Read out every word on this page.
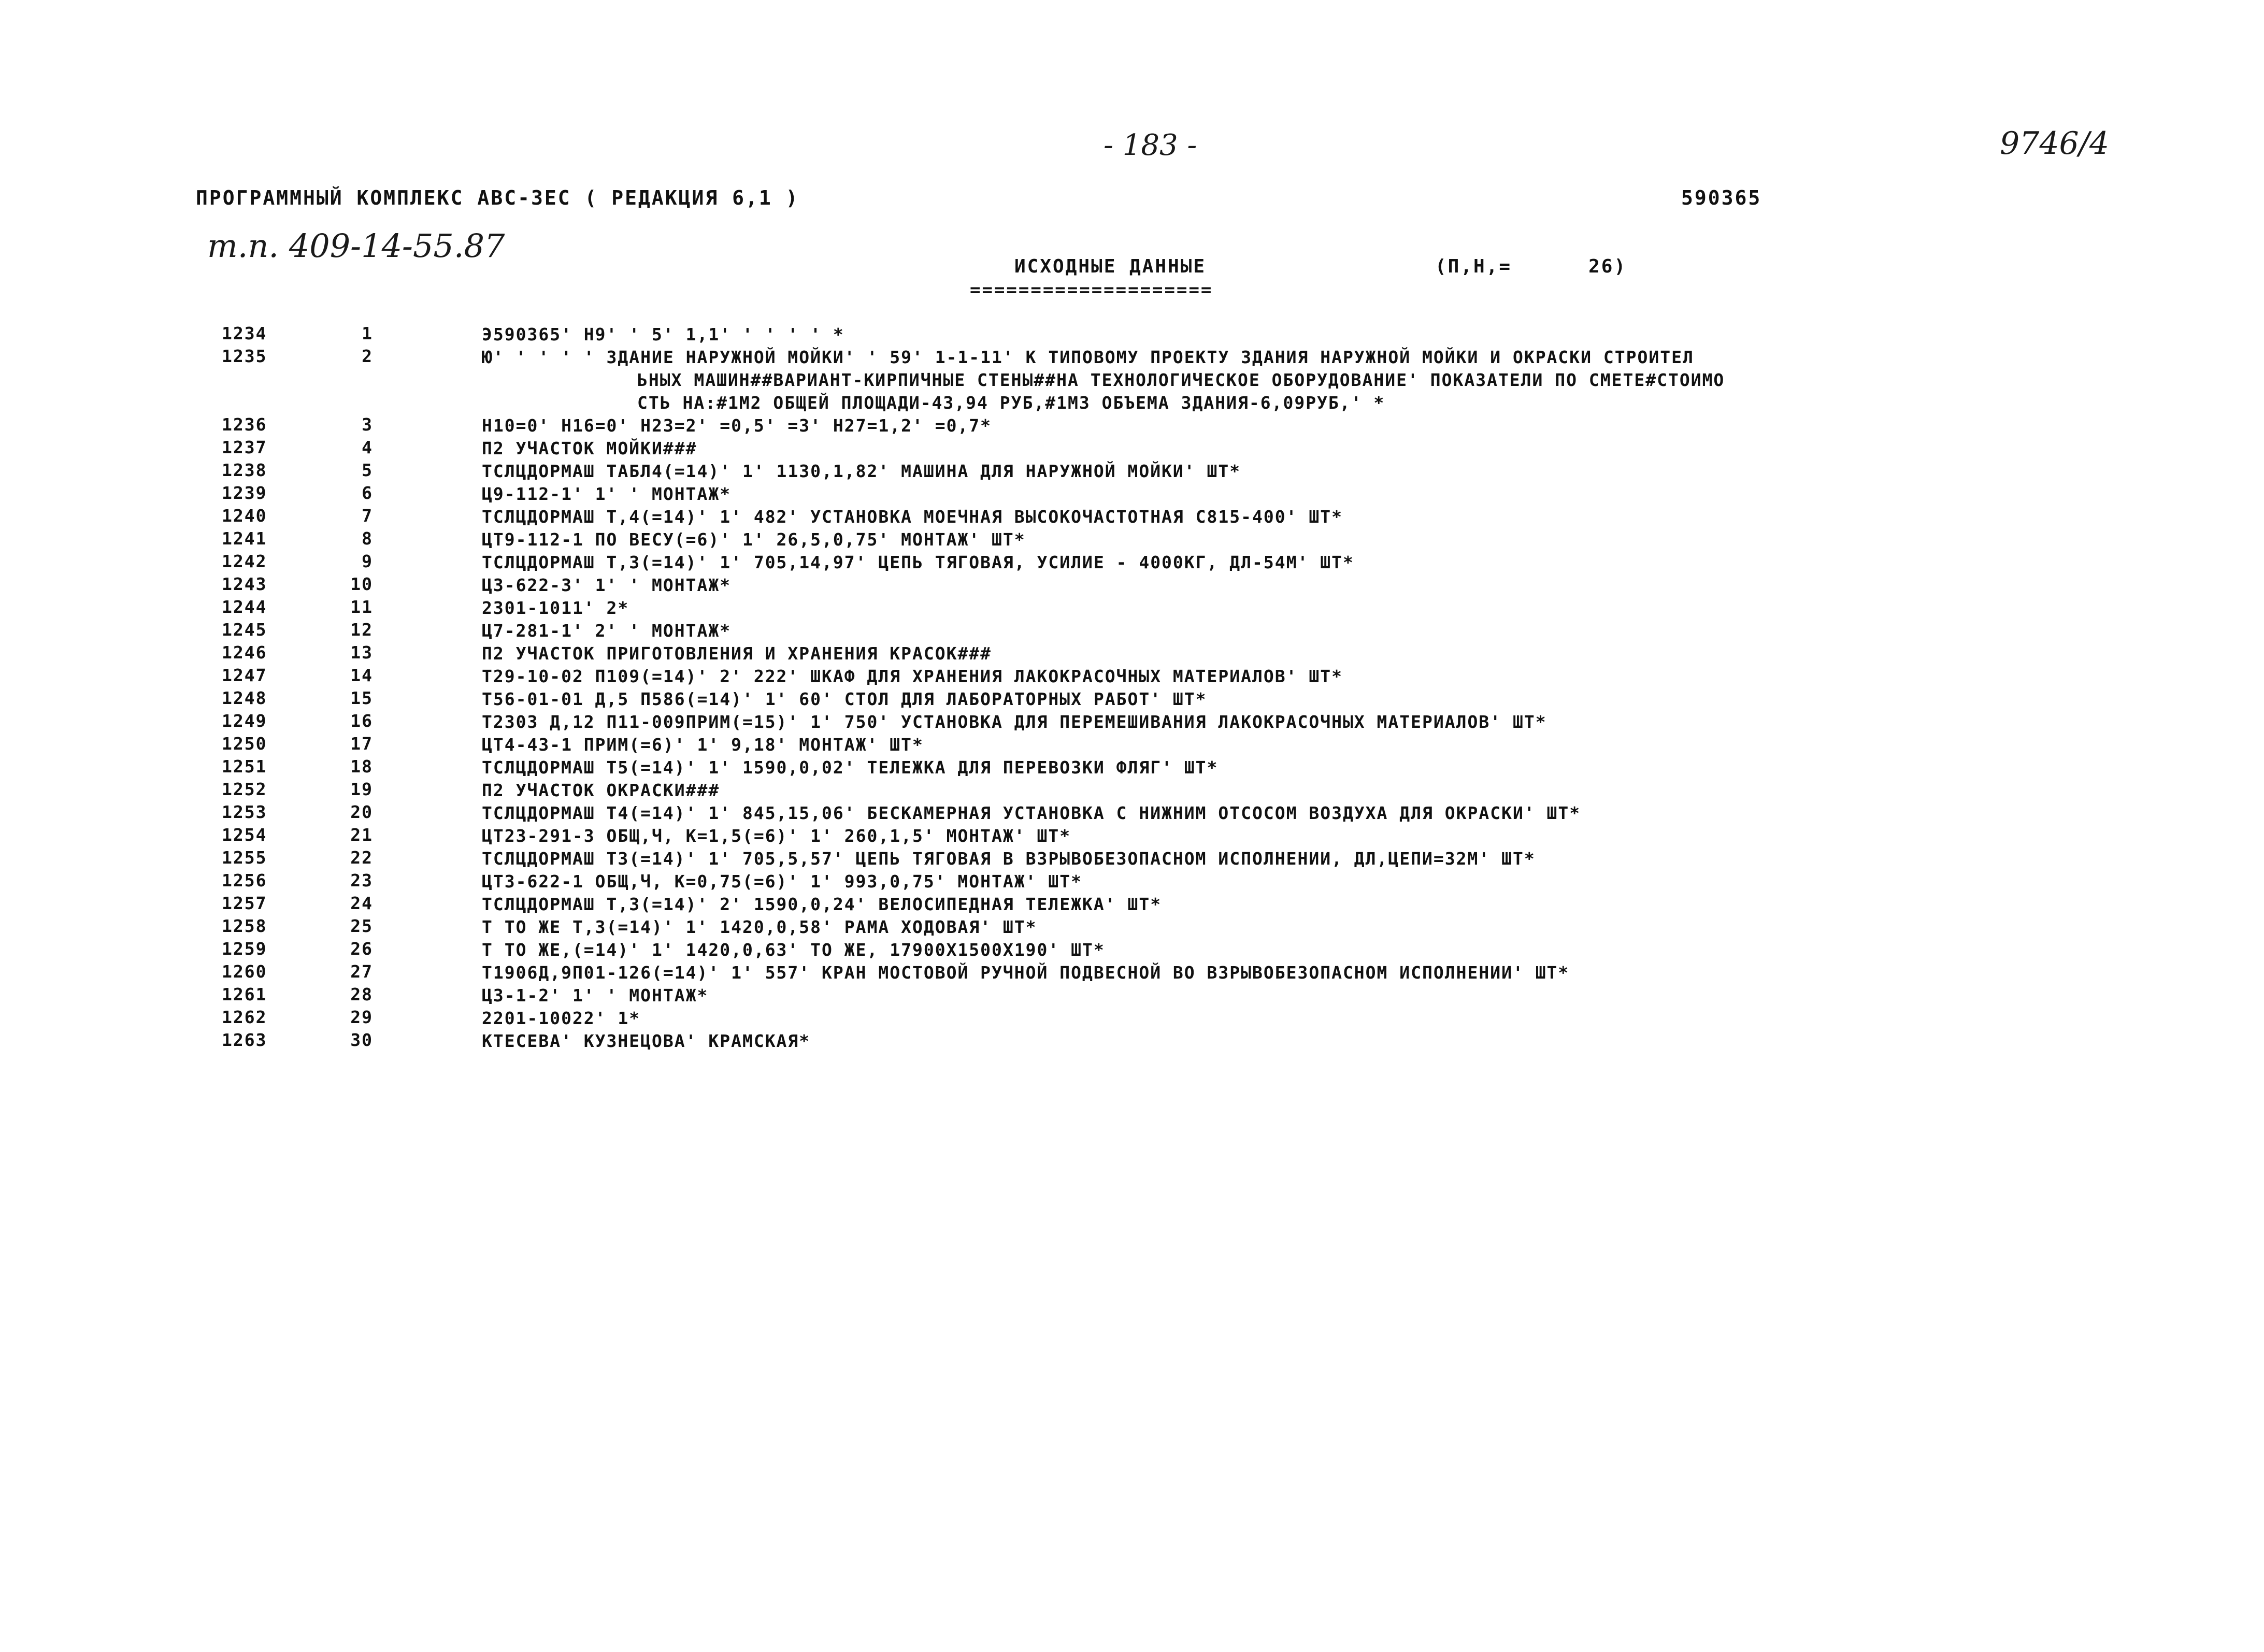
- 183 -	9746/4
т.п. 409-14-55.87
ПРОГРАММНЫЙ КОМПЛЕКС АВС-3ЕС ( РЕДАКЦИЯ 6,1 )	590365
ИСХОДНЫЕ ДАННЫЕ
====================
(П,Н,=	26)
1234	1	Э590365' Н9' ' 5' 1,1' ' ' ' ' *
1235	2	Ю' ' ' ' ' ЗДАНИЕ НАРУЖНОЙ МОЙКИ' ' 59' 1-1-11' К ТИПОВОМУ ПРОЕКТУ ЗДАНИЯ НАРУЖНОЙ МОЙКИ И ОКРАСКИ СТРОИТЕЛ
ЬНЫХ МАШИН##ВАРИАНТ-КИРПИЧНЫЕ СТЕНЫ##НА ТЕХНОЛОГИЧЕСКОЕ ОБОРУДОВАНИЕ' ПОКАЗАТЕЛИ ПО СМЕТЕ#СТОИМО
СТЬ НА:#1М2 ОБЩЕЙ ПЛОЩАДИ-43,94 РУБ,#1М3 ОБЪЕМА ЗДАНИЯ-6,09РУБ,' *
1236	3	Н10=0' Н16=0' Н23=2' =0,5' =3' Н27=1,2' =0,7*
1237	4	П2 УЧАСТОК МОЙКИ###
1238	5	ТСЛЦДОРМАШ ТАБЛ4(=14)' 1' 1130,1,82' МАШИНА ДЛЯ НАРУЖНОЙ МОЙКИ' ШТ*
1239	6	Ц9-112-1' 1' ' МОНТАЖ*
1240	7	ТСЛЦДОРМАШ Т,4(=14)' 1' 482' УСТАНОВКА МОЕЧНАЯ ВЫСОКОЧАСТОТНАЯ С815-400' ШТ*
1241	8	ЦТ9-112-1 ПО ВЕСУ(=6)' 1' 26,5,0,75' МОНТАЖ' ШТ*
1242	9	ТСЛЦДОРМАШ Т,3(=14)' 1' 705,14,97' ЦЕПЬ ТЯГОВАЯ, УСИЛИЕ - 4000КГ, ДЛ-54М' ШТ*
1243	10	Ц3-622-3' 1' ' МОНТАЖ*
1244	11	2301-1011' 2*
1245	12	Ц7-281-1' 2' ' МОНТАЖ*
1246	13	П2 УЧАСТОК ПРИГОТОВЛЕНИЯ И ХРАНЕНИЯ КРАСОК###
1247	14	Т29-10-02 П109(=14)' 2' 222' ШКАФ ДЛЯ ХРАНЕНИЯ ЛАКОКРАСОЧНЫХ МАТЕРИАЛОВ' ШТ*
1248	15	Т56-01-01 Д,5 П586(=14)' 1' 60' СТОЛ ДЛЯ ЛАБОРАТОРНЫХ РАБОТ' ШТ*
1249	16	Т2303 Д,12 П11-009ПРИМ(=15)' 1' 750' УСТАНОВКА ДЛЯ ПЕРЕМЕШИВАНИЯ ЛАКОКРАСОЧНЫХ МАТЕРИАЛОВ' ШТ*
1250	17	ЦТ4-43-1 ПРИМ(=6)' 1' 9,18' МОНТАЖ' ШТ*
1251	18	ТСЛЦДОРМАШ Т5(=14)' 1' 1590,0,02' ТЕЛЕЖКА ДЛЯ ПЕРЕВОЗКИ ФЛЯГ' ШТ*
1252	19	П2 УЧАСТОК ОКРАСКИ###
1253	20	ТСЛЦДОРМАШ Т4(=14)' 1' 845,15,06' БЕСКАМЕРНАЯ УСТАНОВКА С НИЖНИМ ОТСОСОМ ВОЗДУХА ДЛЯ ОКРАСКИ' ШТ*
1254	21	ЦТ23-291-3 ОБЩ,Ч, К=1,5(=6)' 1' 260,1,5' МОНТАЖ' ШТ*
1255	22	ТСЛЦДОРМАШ Т3(=14)' 1' 705,5,57' ЦЕПЬ ТЯГОВАЯ В ВЗРЫВОБЕЗОПАСНОМ ИСПОЛНЕНИИ, ДЛ,ЦЕПИ=32М' ШТ*
1256	23	ЦТ3-622-1 ОБЩ,Ч, К=0,75(=6)' 1' 993,0,75' МОНТАЖ' ШТ*
1257	24	ТСЛЦДОРМАШ Т,3(=14)' 2' 1590,0,24' ВЕЛОСИПЕДНАЯ ТЕЛЕЖКА' ШТ*
1258	25	Т ТО ЖЕ Т,3(=14)' 1' 1420,0,58' РАМА ХОДОВАЯ' ШТ*
1259	26	Т ТО ЖЕ,(=14)' 1' 1420,0,63' ТО ЖЕ, 17900Х1500Х190' ШТ*
1260	27	Т1906Д,9П01-126(=14)' 1' 557' КРАН МОСТОВОЙ РУЧНОЙ ПОДВЕСНОЙ ВО ВЗРЫВОБЕЗОПАСНОМ ИСПОЛНЕНИИ' ШТ*
1261	28	Ц3-1-2' 1' ' МОНТАЖ*
1262	29	2201-10022' 1*
1263	30	КТЕСЕВА' КУЗНЕЦОВА' КРАМСКАЯ*
